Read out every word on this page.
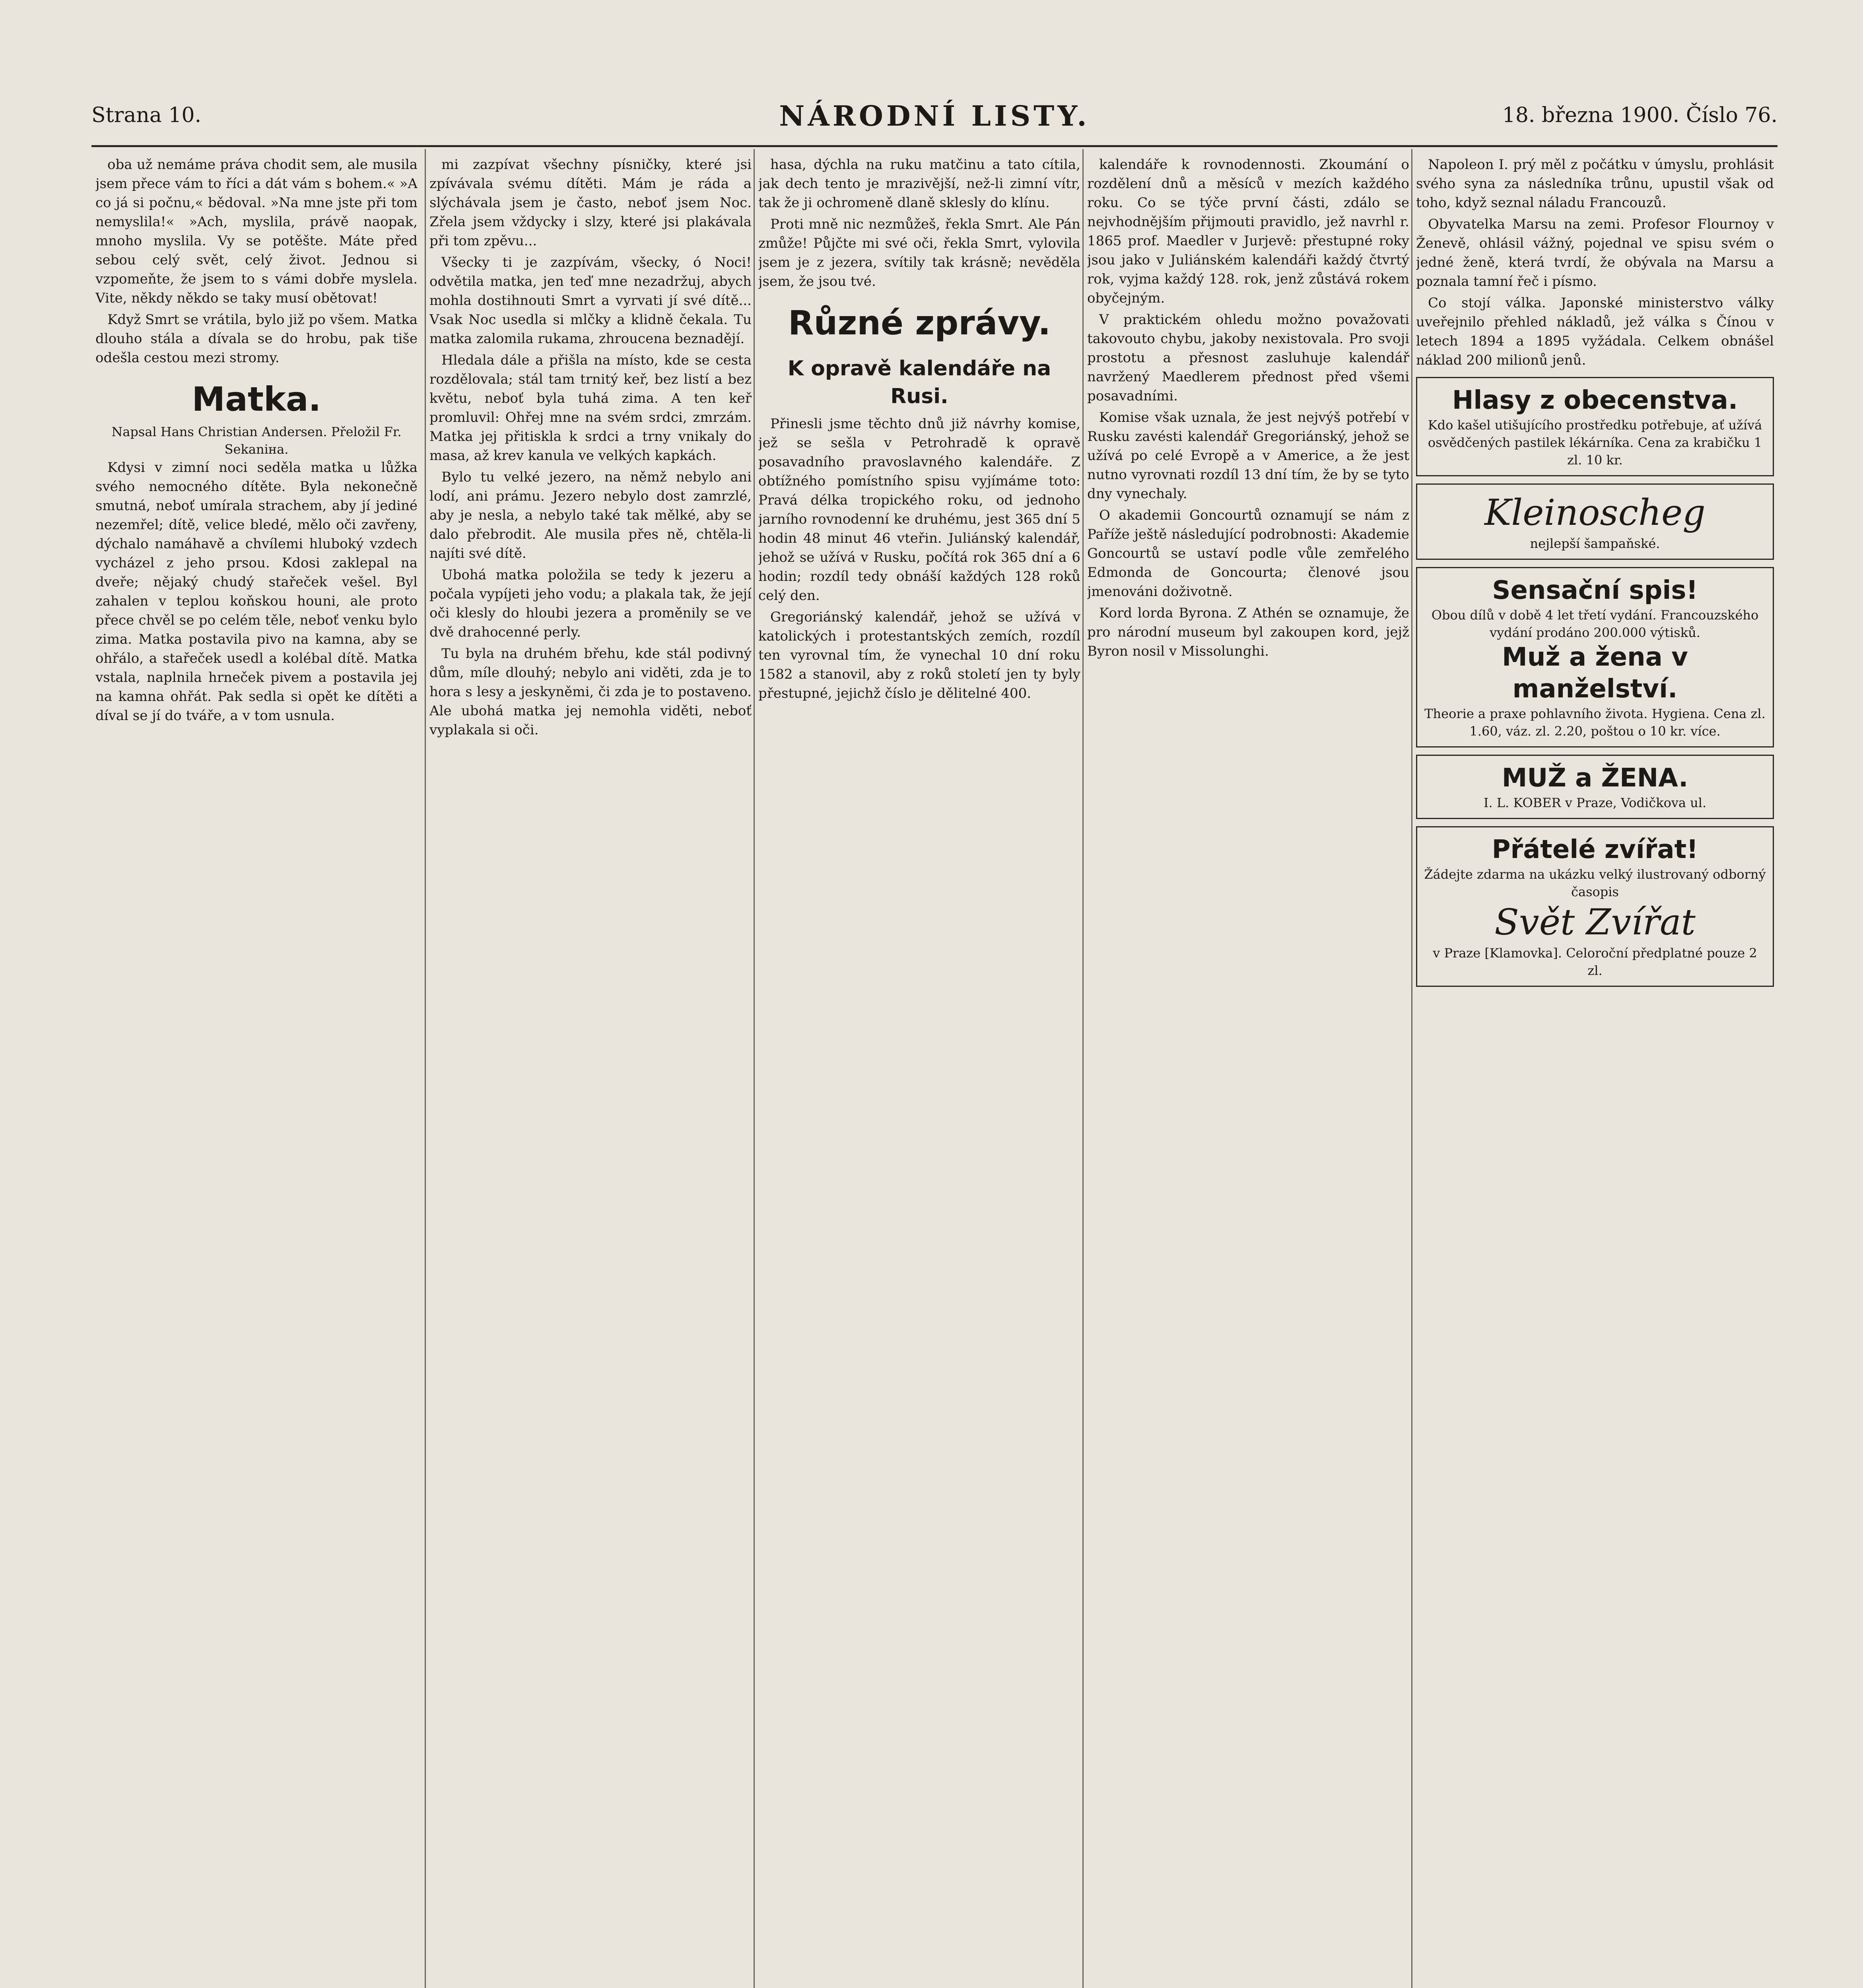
Strana 10.	NÁRODNÍ LISTY.	18. března 1900. Číslo 76.

oba už nemáme práva chodit sem, ale musila jsem přece vám to říci a dát vám s bohem.« »A co já si počnu,« bědoval. »Na mne jste při tom nemyslila!« »Ach, myslila, právě naopak, mnoho myslila. Vy se potěšte. Máte před sebou celý svět, celý život. Jednou si vzpomeňte, že jsem to s vámi dobře myslela. Vite, někdy někdo se taky musí obětovat!

Když Smrt se vrátila, bylo již po všem. Matka dlouho stála a dívala se do hrobu, pak tiše odešla cestou mezi stromy.

Matka.
Napsal Hans Christian Andersen. Přeložil Fr. Sekaniна.

Kdysi v zimní noci seděla matka u lůžka svého nemocného dítěte. Byla nekonečně smutná, neboť umírala strachem, aby jí jediné nezemřel; dítě, velice bledé, mělo oči zavřeny, dýchalo namáhavě a chvílemi hluboký vzdech vycházel z jeho prsou. Kdosi zaklepal na dveře; nějaký chudý stařeček vešel. Byl zahalen v teplou koňskou houni, ale proto přece chvěl se po celém těle, neboť venku bylo zima. Matka postavila pivo na kamna, aby se ohřálo, a stařeček usedl a kolébal dítě. Matka vstala, naplnila hrneček pivem a postavila jej na kamna ohřát. Pak sedla si opět ke dítěti a díval se jí do tváře, a v tom usnula.

mi zazpívat všechny písničky, které jsi zpívávala svému dítěti. Mám je ráda a slýchávala jsem je často, neboť jsem Noc. Zřela jsem vždycky i slzy, které jsi plakávala při tom zpěvu...

Všecky ti je zazpívám, všecky, ó Noci! odvětila matka, jen teď mne nezadržuj, abych mohla dostihnouti Smrt a vyrvati jí své dítě... Vsak Noc usedla si mlčky a klidně čekala. Tu matka zalomila rukama, zhroucena beznadějí.

Hledala dále a přišla na místo, kde se cesta rozdělovala; stál tam trnitý keř, bez listí a bez květu, neboť byla tuhá zima. A ten keř promluvil: Ohřej mne na svém srdci, zmrzám. Matka jej přitiskla k srdci a trny vnikaly do masa, až krev kanula ve velkých kapkách.

Bylo tu velké jezero, na němž nebylo ani lodí, ani prámu. Jezero nebylo dost zamrzlé, aby je nesla, a nebylo také tak mělké, aby se dalo přebrodit. Ale musila přes ně, chtěla-li najíti své dítě.

Ubohá matka položila se tedy k jezeru a počala vypíjeti jeho vodu; a plakala tak, že její oči klesly do hloubi jezera a proměnily se ve dvě drahocenné perly.

Tu byla na druhém břehu, kde stál podivný dům, míle dlouhý; nebylo ani viděti, zda je to hora s lesy a jeskyněmi, či zda je to postaveno. Ale ubohá matka jej nemohla viděti, neboť vyplakala si oči.

hasa, dýchla na ruku matčinu a tato cítila, jak dech tento je mrazivější, než-li zimní vítr, tak že ji ochromeně dlaně sklesly do klínu.

Proti mně nic nezmůžeš, řekla Smrt. Ale Pán zmůže! Půjčte mi své oči, řekla Smrt, vylovila jsem je z jezera, svítily tak krásně; nevěděla jsem, že jsou tvé.

Různé zprávy.
K opravě kalendáře na Rusi.

Přinesli jsme těchto dnů již návrhy komise, jež se sešla v Petrohradě k opravě posavadního pravoslavného kalendáře. Z obtížného pomístního spisu vyjímáme toto: Pravá délka tropického roku, od jednoho jarního rovnodenní ke druhému, jest 365 dní 5 hodin 48 minut 46 vteřin. Juliánský kalendář, jehož se užívá v Rusku, počítá rok 365 dní a 6 hodin; rozdíl tedy obnáší každých 128 roků celý den.

Gregoriánský kalendář, jehož se užívá v katolických i protestantských zemích, rozdíl ten vyrovnal tím, že vynechal 10 dní roku 1582 a stanovil, aby z roků století jen ty byly přestupné, jejichž číslo je dělitelné 400.

kalendáře k rovnodennosti. Zkoumání o rozdělení dnů a měsíců v mezích každého roku. Co se týče první části, zdálo se nejvhodnějším přijmouti pravidlo, jež navrhl r. 1865 prof. Maedler v Jurjevě: přestupné roky jsou jako v Juliánském kalendáři každý čtvrtý rok, vyjma každý 128. rok, jenž zůstává rokem obyčejným.

V praktickém ohledu možno považovati takovouto chybu, jakoby nexistovala. Pro svoji prostotu a přesnost zasluhuje kalendář navržený Maedlerem přednost před všemi posavadními.

Komise však uznala, že jest nejvýš potřebí v Rusku zavésti kalendář Gregoriánský, jehož se užívá po celé Evropě a v Americe, a že jest nutno vyrovnati rozdíl 13 dní tím, že by se tyto dny vynechaly.

O akademii Goncourtů oznamují se nám z Paříže ještě následující podrobnosti: Akademie Goncourtů se ustaví podle vůle zemřelého Edmonda de Goncourta; členové jsou jmenováni doživotně.

Kord lorda Byrona. Z Athén se oznamuje, že pro národní museum byl zakoupen kord, jejž Byron nosil v Missolunghi.

Napoleon I. prý měl z počátku v úmyslu, prohlásit svého syna za následníka trůnu, upustil však od toho, když seznal náladu Francouzů.

Obyvatelka Marsu na zemi. Profesor Flournoy v Ženevě, ohlásil vážný, pojednal ve spisu svém o jedné ženě, která tvrdí, že obývala na Marsu a poznala tamní řeč i písmo.

Co stojí válka. Japonské ministerstvo války uveřejnilo přehled nákladů, jež válka s Čínou v letech 1894 a 1895 vyžádala. Celkem obnášel náklad 200 milionů jenů.

Hlasy z obecenstva.
Kdo kašel utišujícího prostředku potřebuje, ať užívá osvědčených pastilek lékárníka. Cena za krabičku 1 zl. 10 kr.
Kleinoscheg
nejlepší šampaňské.
Sensační spis!
Obou dílů v době 4 let třetí vydání. Francouzského vydání prodáno 200.000 výtisků.
Muž a žena v manželství.
Theorie a praxe pohlavního života. Hygiena. Cena zl. 1.60, váz. zl. 2.20, poštou o 10 kr. více.
MUŽ a ŽENA.
I. L. KOBER v Praze, Vodičkova ul.
Přátelé zvířat!
Žádejte zdarma na ukázku velký ilustrovaný odborný časopis
Svět Zvířat
v Praze [Klamovka]. Celoroční předplatné pouze 2 zl.
